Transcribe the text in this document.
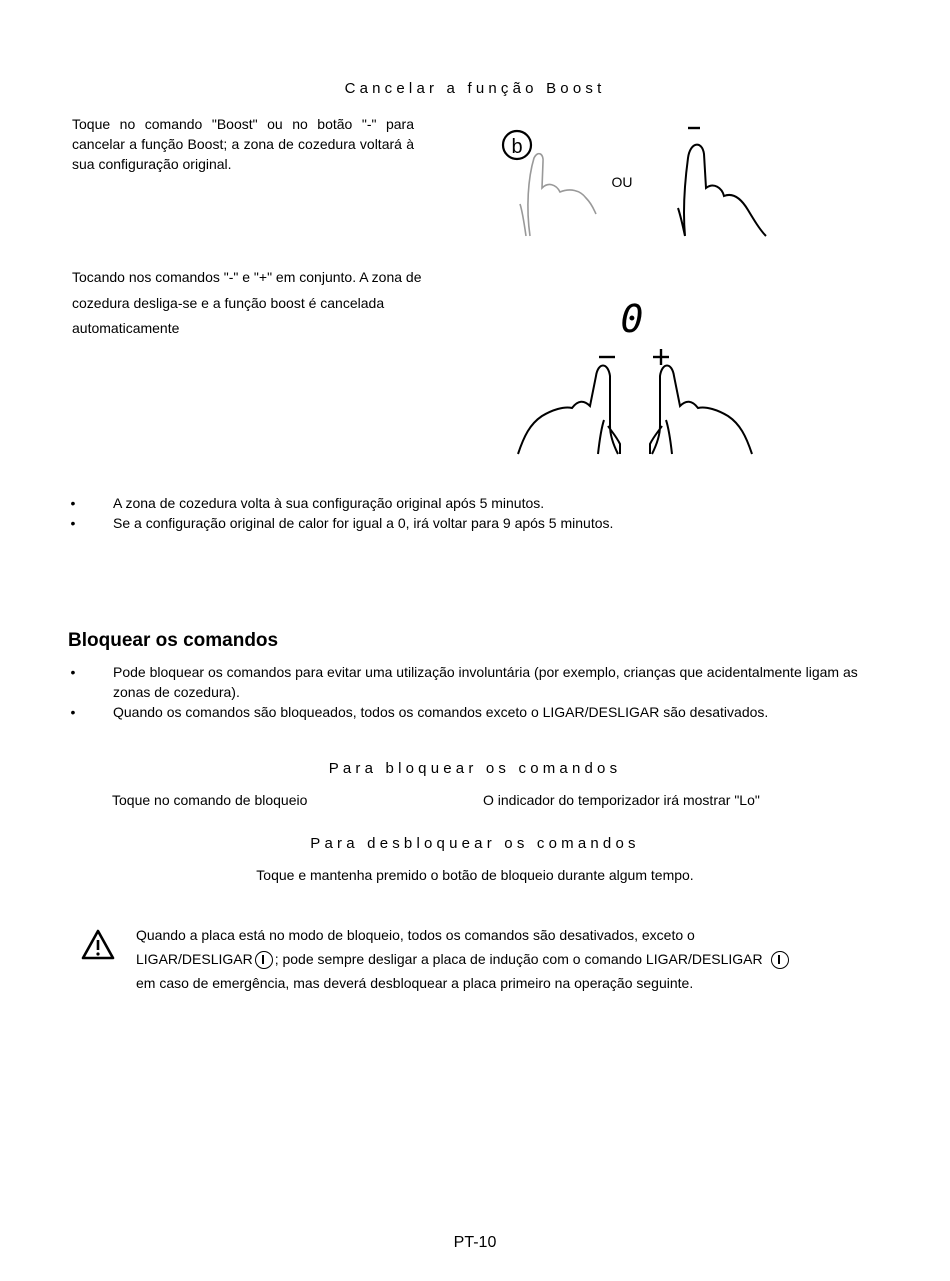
Cancelar a função Boost
Toque no comando "Boost" ou no botão "-" para cancelar a função Boost; a zona de cozedura voltará à sua configuração original.
b
OU
Tocando nos comandos "-" e "+" em conjunto. A zona de cozedura desliga-se e a função boost é cancelada automaticamente	0
•	A zona de cozedura volta à sua configuração original após 5 minutos.
•	Se a configuração original de calor for igual a 0, irá voltar para 9 após 5 minutos.
Bloquear os comandos
•	Pode bloquear os comandos para evitar uma utilização involuntária (por exemplo, crianças que acidentalmente ligam as zonas de cozedura).
•	Quando os comandos são bloqueados, todos os comandos exceto o LIGAR/DESLIGAR são desativados.
Para bloquear os comandos
Toque no comando de bloqueio	O indicador do temporizador irá mostrar "Lo"
Para desbloquear os comandos
Toque e mantenha premido o botão de bloqueio durante algum tempo.
Quando a placa está no modo de bloqueio, todos os comandos são desativados, exceto o
LIGAR/DESLIGAR ; pode sempre desligar a placa de indução com o comando LIGAR/DESLIGAR
em caso de emergência, mas deverá desbloquear a placa primeiro na operação seguinte.
PT-10
